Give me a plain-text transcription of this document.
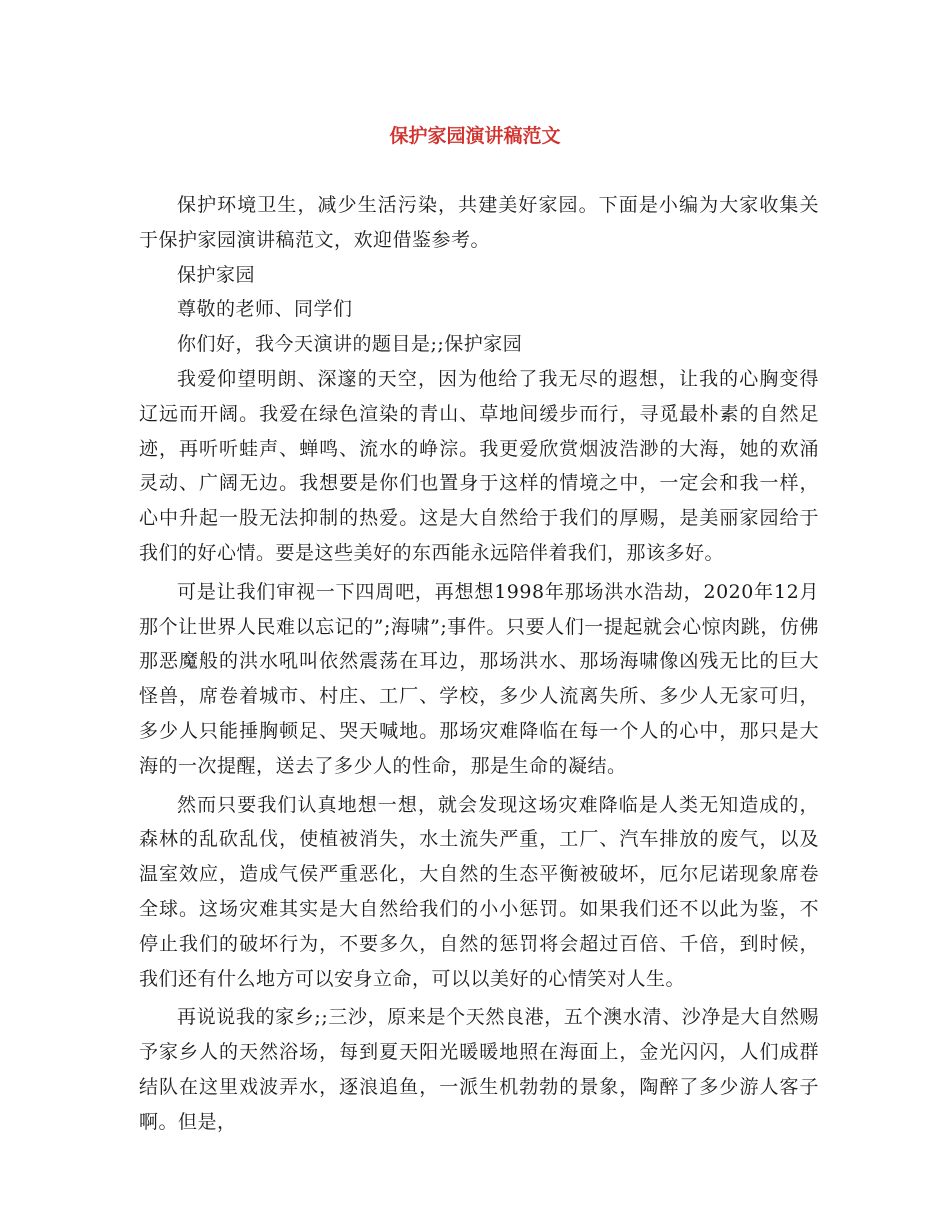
保护家园演讲稿范文

保护环境卫生，减少生活污染，共建美好家园。下面是小编为大家收集关于保护家园演讲稿范文，欢迎借鉴参考。

保护家园

尊敬的老师、同学们

你们好，我今天演讲的题目是;;保护家园

我爱仰望明朗、深邃的天空，因为他给了我无尽的遐想，让我的心胸变得辽远而开阔。我爱在绿色渲染的青山、草地间缓步而行，寻觅最朴素的自然足迹，再听听蛙声、蝉鸣、流水的峥淙。我更爱欣赏烟波浩渺的大海，她的欢涌灵动、广阔无边。我想要是你们也置身于这样的情境之中，一定会和我一样，心中升起一股无法抑制的热爱。这是大自然给于我们的厚赐，是美丽家园给于我们的好心情。要是这些美好的东西能永远陪伴着我们，那该多好。

可是让我们审视一下四周吧，再想想1998年那场洪水浩劫，2020年12月那个让世界人民难以忘记的”;海啸”;事件。只要人们一提起就会心惊肉跳，仿佛那恶魔般的洪水吼叫依然震荡在耳边，那场洪水、那场海啸像凶残无比的巨大怪兽，席卷着城市、村庄、工厂、学校，多少人流离失所、多少人无家可归，多少人只能捶胸顿足、哭天喊地。那场灾难降临在每一个人的心中，那只是大海的一次提醒，送去了多少人的性命，那是生命的凝结。

然而只要我们认真地想一想，就会发现这场灾难降临是人类无知造成的，森林的乱砍乱伐，使植被消失，水土流失严重，工厂、汽车排放的废气，以及温室效应，造成气侯严重恶化，大自然的生态平衡被破坏，厄尔尼诺现象席卷全球。这场灾难其实是大自然给我们的小小惩罚。如果我们还不以此为鉴，不停止我们的破坏行为，不要多久，自然的惩罚将会超过百倍、千倍，到时候，我们还有什么地方可以安身立命，可以以美好的心情笑对人生。

再说说我的家乡;;三沙，原来是个天然良港，五个澳水清、沙净是大自然赐予家乡人的天然浴场，每到夏天阳光暖暖地照在海面上，金光闪闪，人们成群结队在这里戏波弄水，逐浪追鱼，一派生机勃勃的景象，陶醉了多少游人客子啊。但是，
